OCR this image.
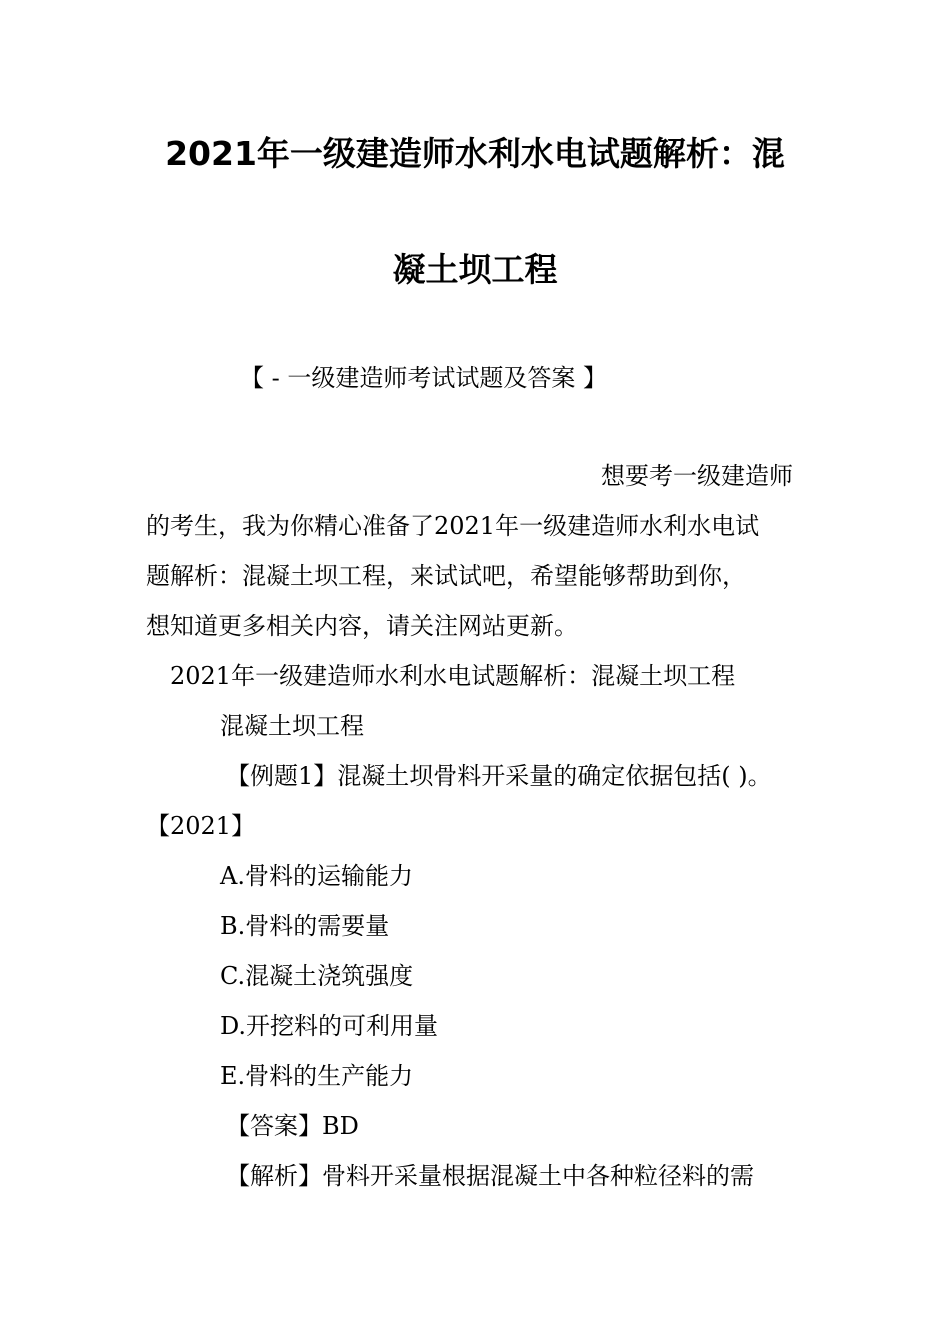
2021年一级建造师水利水电试题解析：混
凝土坝工程

【 - 一级建造师考试试题及答案 】

想要考一级建造师

的考生，我为你精心准备了2021年一级建造师水利水电试

题解析：混凝土坝工程，来试试吧，希望能够帮助到你，

想知道更多相关内容，请关注网站更新。

2021年一级建造师水利水电试题解析：混凝土坝工程

混凝土坝工程

【例题1】混凝土坝骨料开采量的确定依据包括( )。

【2021】

A.骨料的运输能力

B.骨料的需要量

C.混凝土浇筑强度

D.开挖料的可利用量

E.骨料的生产能力

【答案】BD

【解析】骨料开采量根据混凝土中各种粒径料的需
